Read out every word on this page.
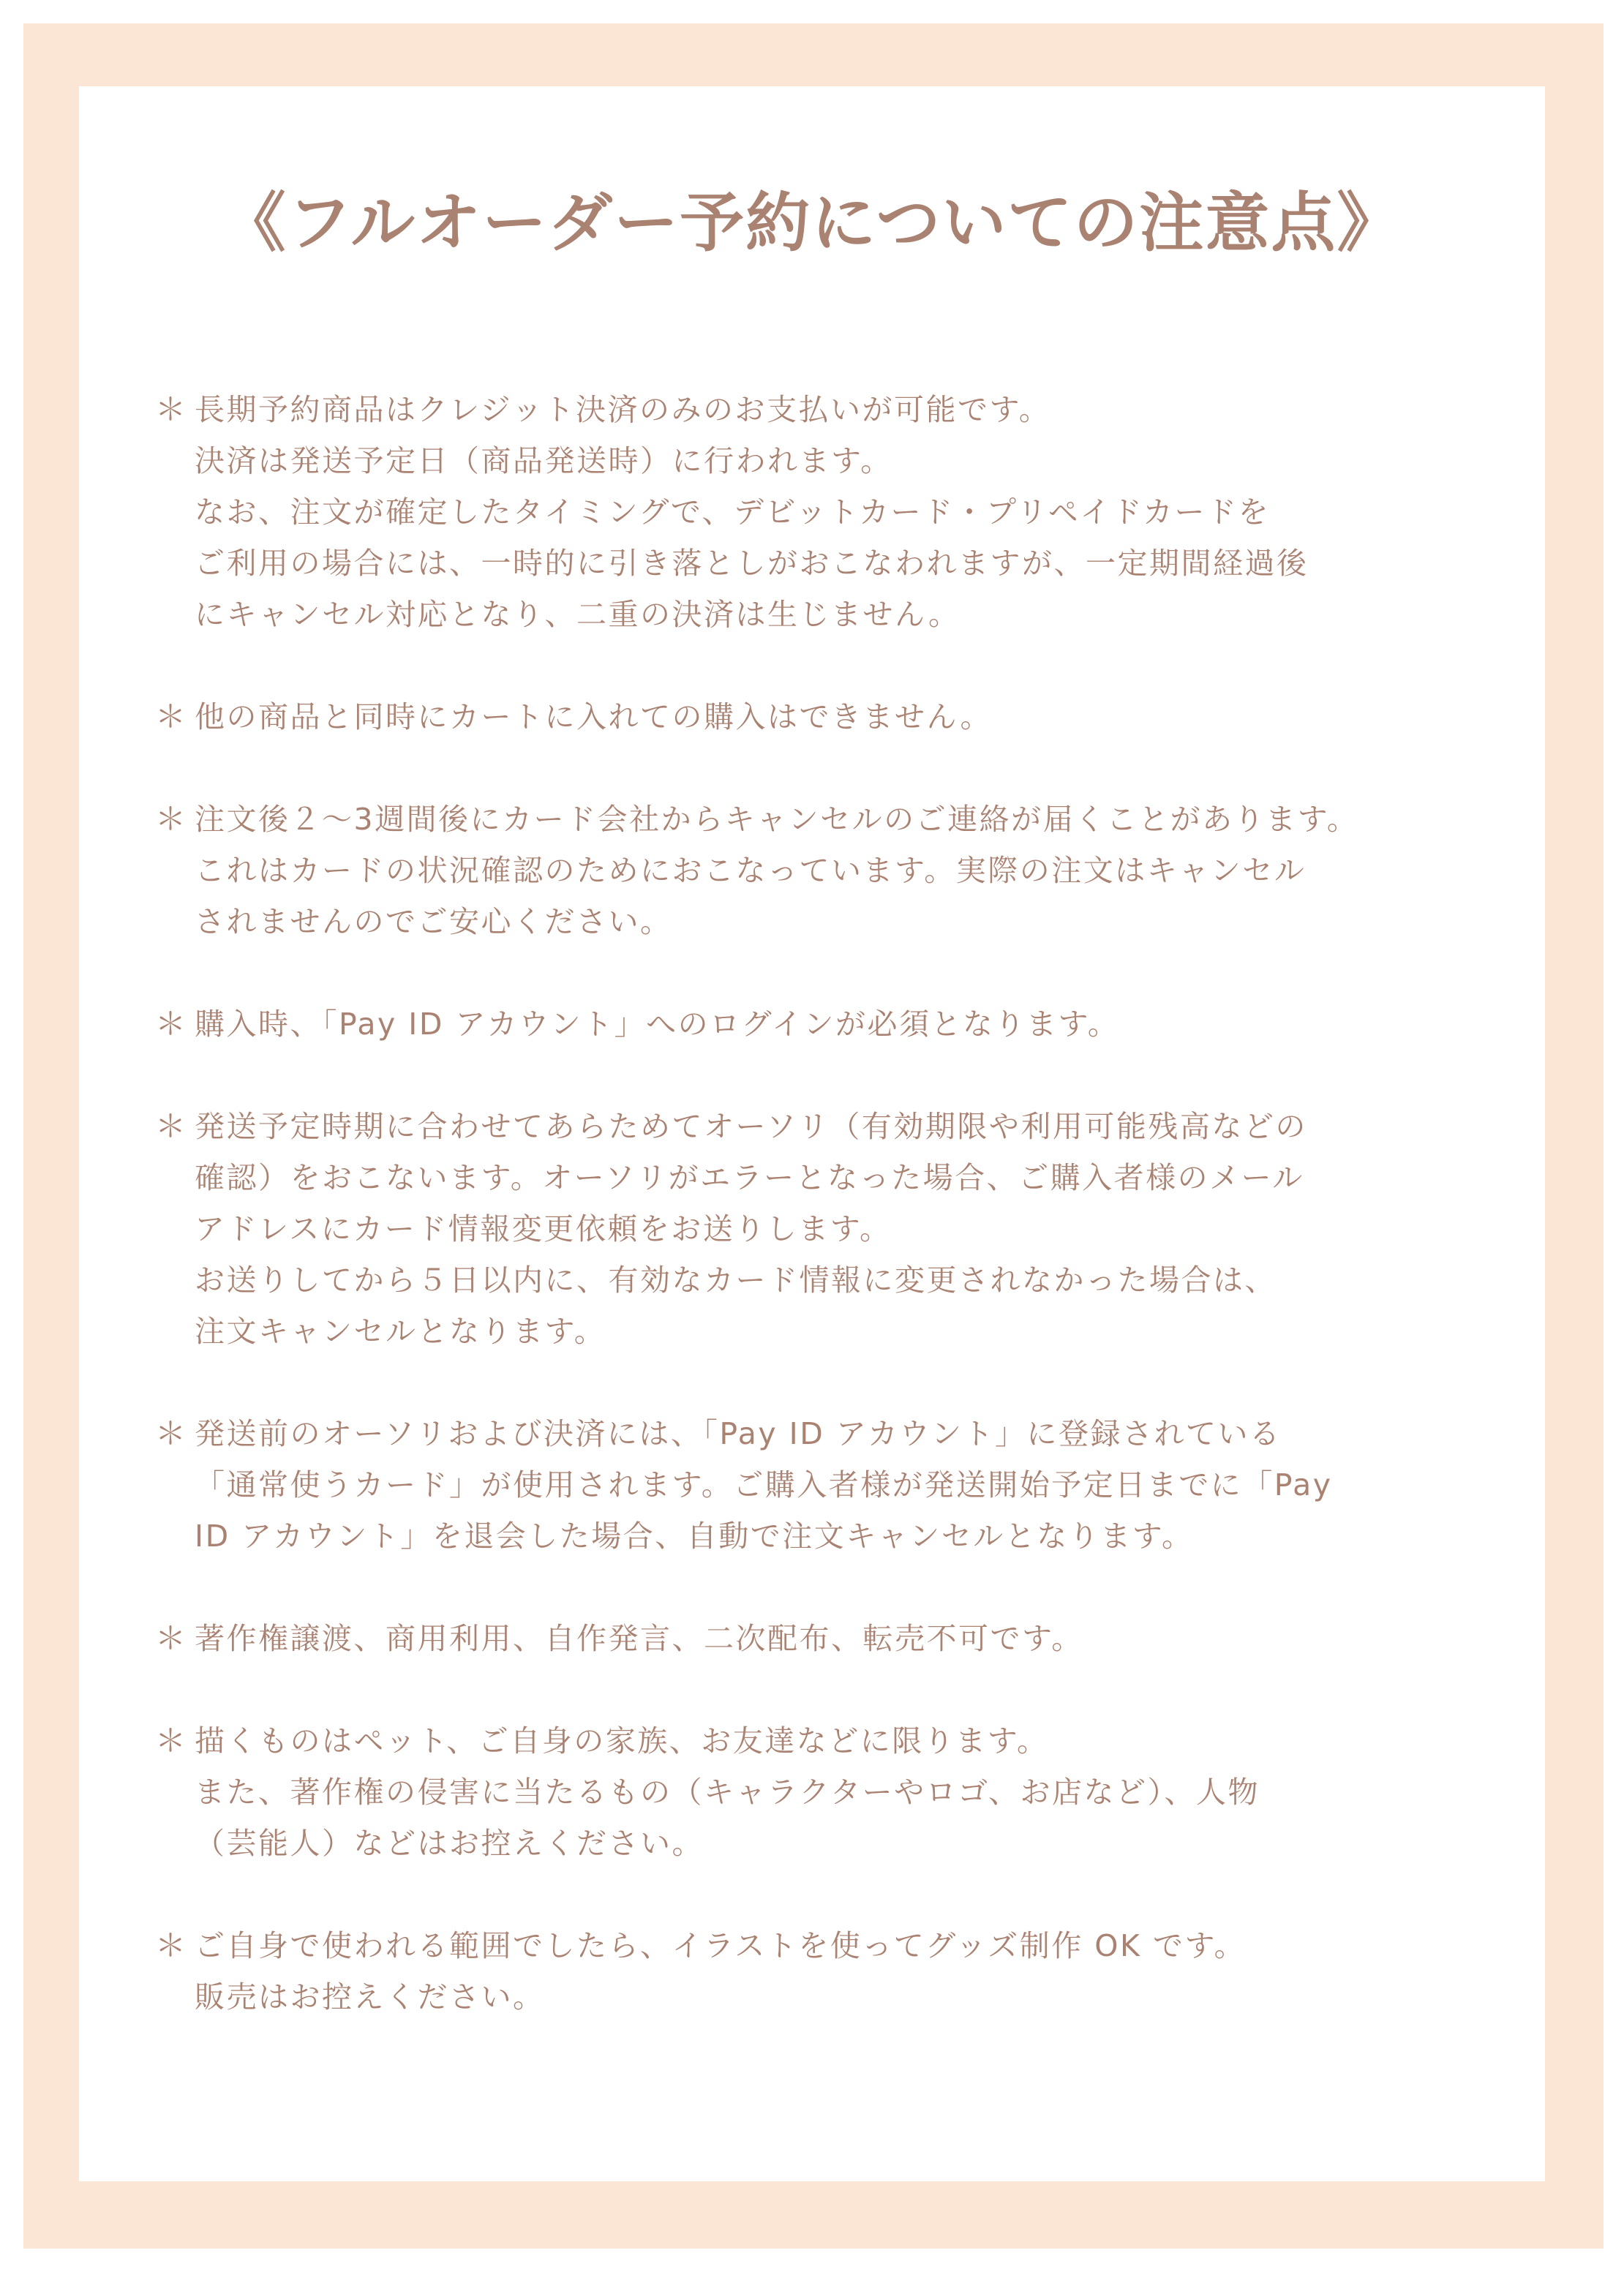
《フルオーダー予約についての注意点》
＊ 長期予約商品はクレジット決済のみのお支払いが可能です。
決済は発送予定日（商品発送時）に行われます。
なお、注文が確定したタイミングで、デビットカード・プリペイドカードを
ご利用の場合には、一時的に引き落としがおこなわれますが、一定期間経過後
にキャンセル対応となり、二重の決済は生じません。
＊ 他の商品と同時にカートに入れての購入はできません。
＊ 注文後２〜3週間後にカード会社からキャンセルのご連絡が届くことがあります。
これはカードの状況確認のためにおこなっています。実際の注文はキャンセル
されませんのでご安心ください。
＊ 購入時、「Pay ID アカウント」へのログインが必須となります。
＊ 発送予定時期に合わせてあらためてオーソリ（有効期限や利用可能残高などの
確認）をおこないます。オーソリがエラーとなった場合、ご購入者様のメール
アドレスにカード情報変更依頼をお送りします。
お送りしてから５日以内に、有効なカード情報に変更されなかった場合は、
注文キャンセルとなります。
＊ 発送前のオーソリおよび決済には、「Pay ID アカウント」に登録されている
「通常使うカード」が使用されます。ご購入者様が発送開始予定日までに「Pay
ID アカウント」を退会した場合、自動で注文キャンセルとなります。
＊ 著作権譲渡、商用利用、自作発言、二次配布、転売不可です。
＊ 描くものはペット、ご自身の家族、お友達などに限ります。
また、著作権の侵害に当たるもの（キャラクターやロゴ、お店など）、人物
（芸能人）などはお控えください。
＊ ご自身で使われる範囲でしたら、イラストを使ってグッズ制作 OK です。
販売はお控えください。
